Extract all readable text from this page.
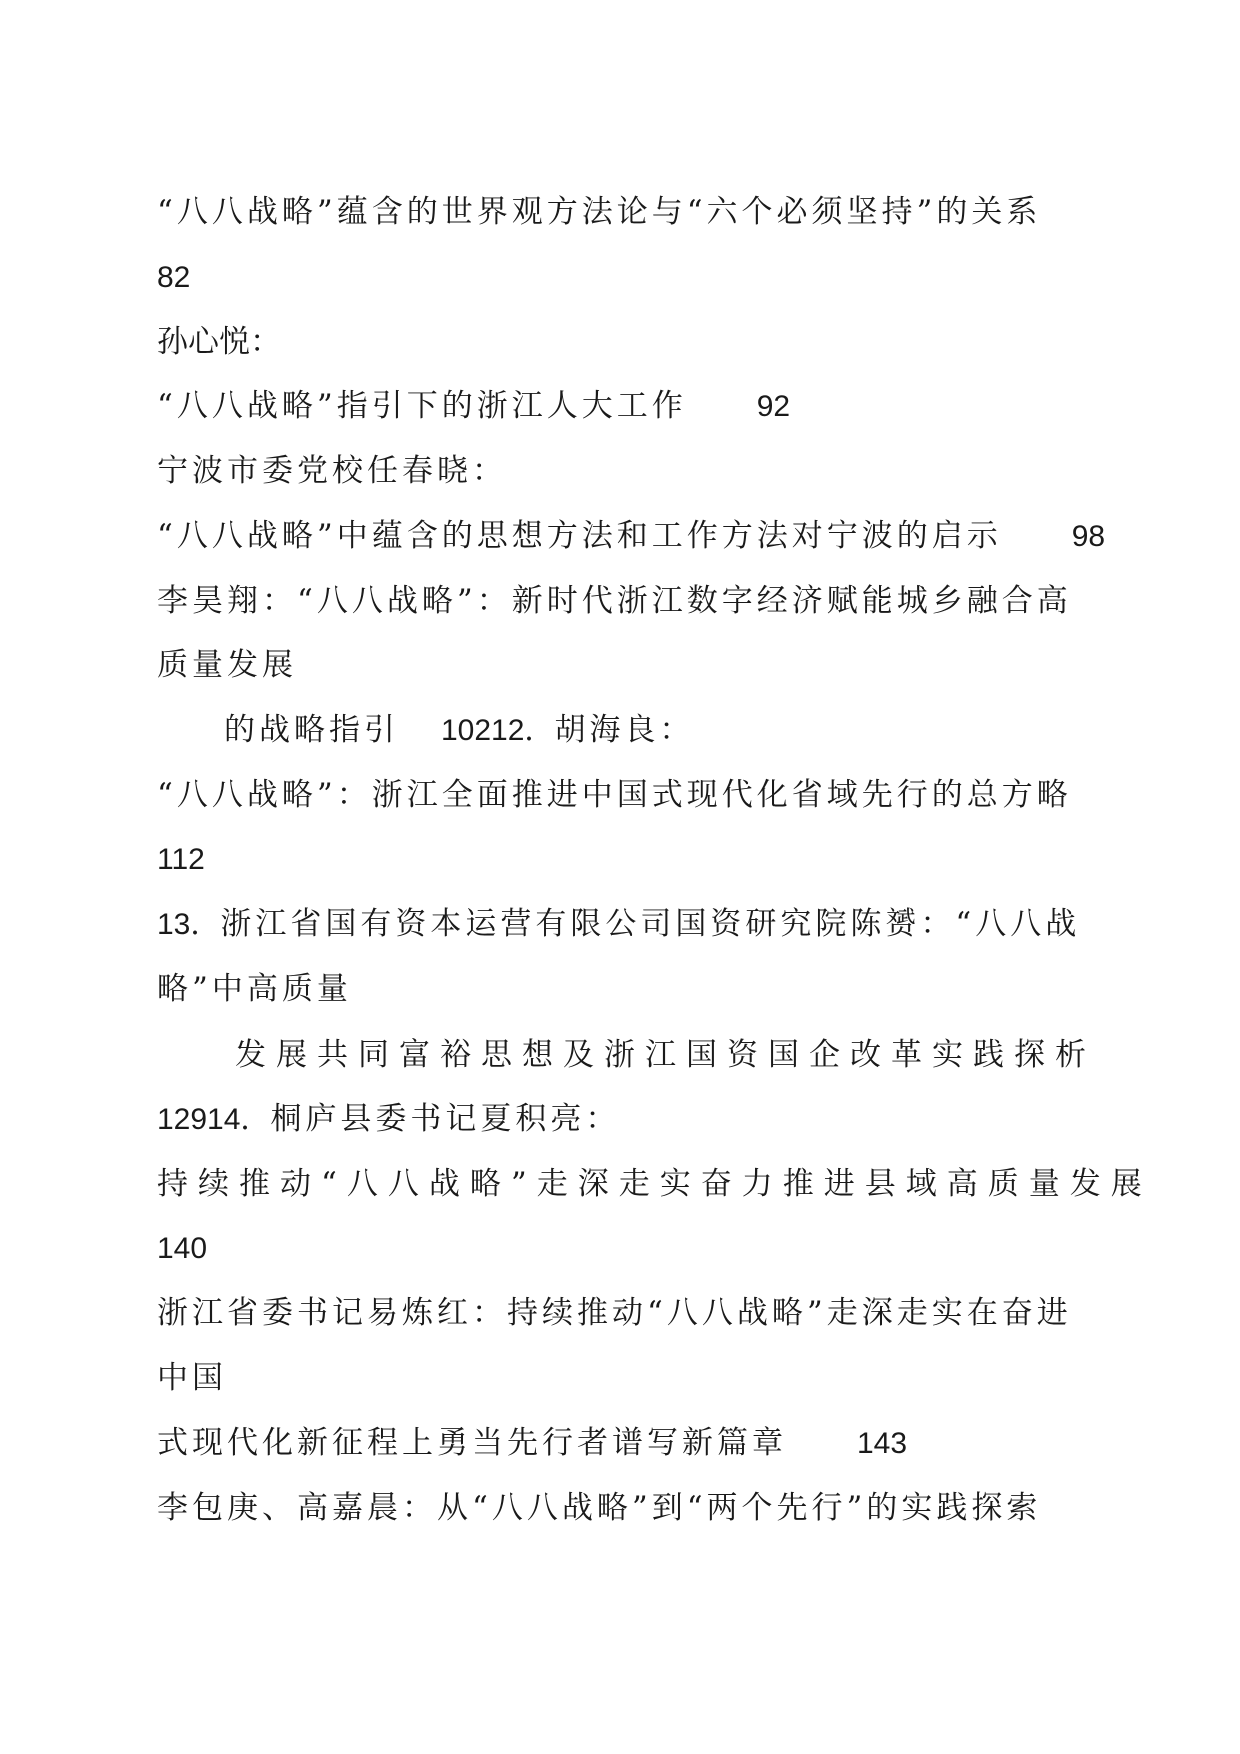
“八八战略”蕴含的世界观方法论与“六个必须坚持”的关系
82
孙心悦：
“八八战略”指引下的浙江人大工作 92
宁波市委党校任春晓：
“八八战略”中蕴含的思想方法和工作方法对宁波的启示 98
李昊翔：“八八战略”：新时代浙江数字经济赋能城乡融合高
质量发展
的战略指引 10212．胡海良：
“八八战略”：浙江全面推进中国式现代化省域先行的总方略
112
13．浙江省国有资本运营有限公司国资研究院陈赟：“八八战
略”中高质量
发展共同富裕思想及浙江国资国企改革实践探析
12914．桐庐县委书记夏积亮：
持续推动“八八战略”走深走实奋力推进县域高质量发展
140
浙江省委书记易炼红：持续推动“八八战略”走深走实在奋进
中国
式现代化新征程上勇当先行者谱写新篇章 143
李包庚、高嘉晨：从“八八战略”到“两个先行”的实践探索
